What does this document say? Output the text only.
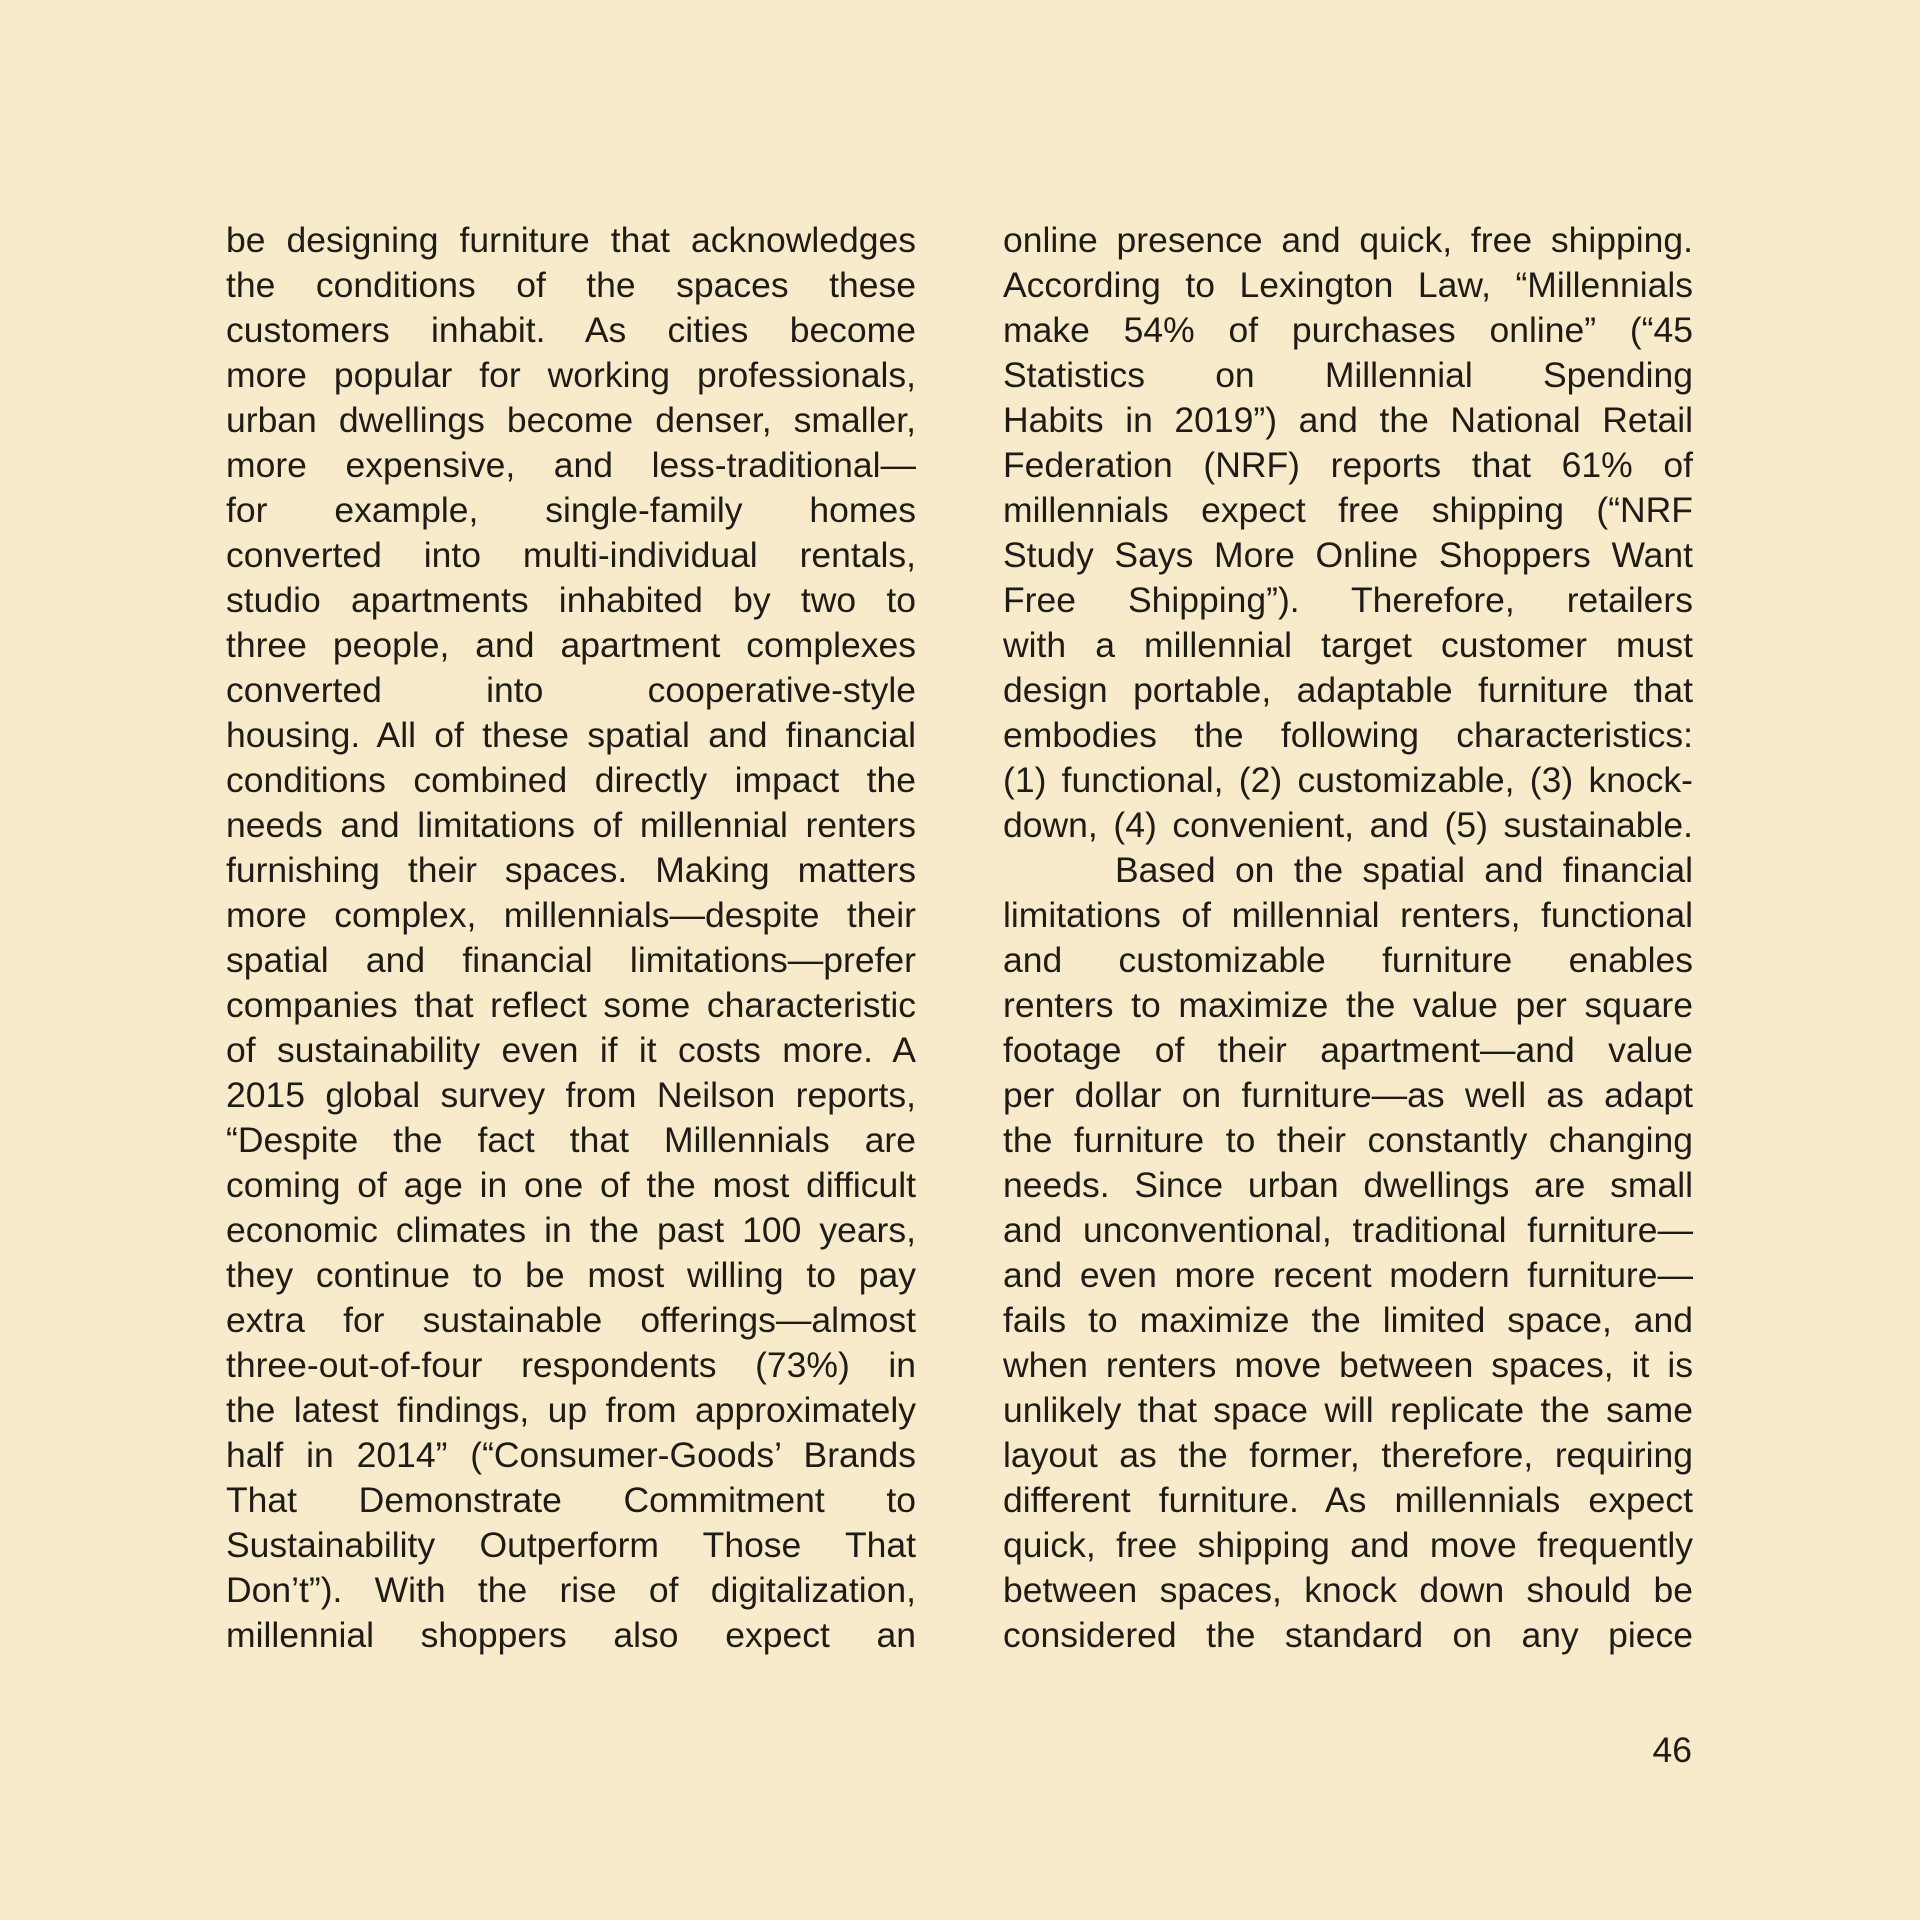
be designing furniture that acknowledges
the conditions of the spaces these
customers inhabit. As cities become
more popular for working professionals,
urban dwellings become denser, smaller,
more expensive, and less-traditional—
for example, single-family homes
converted into multi-individual rentals,
studio apartments inhabited by two to
three people, and apartment complexes
converted into cooperative-style
housing. All of these spatial and financial
conditions combined directly impact the
needs and limitations of millennial renters
furnishing their spaces. Making matters
more complex, millennials—despite their
spatial and financial limitations—prefer
companies that reflect some characteristic
of sustainability even if it costs more. A
2015 global survey from Neilson reports,
“Despite the fact that Millennials are
coming of age in one of the most difficult
economic climates in the past 100 years,
they continue to be most willing to pay
extra for sustainable offerings—almost
three-out-of-four respondents (73%) in
the latest findings, up from approximately
half in 2014” (“Consumer-Goods’ Brands
That Demonstrate Commitment to
Sustainability Outperform Those That
Don’t”). With the rise of digitalization,
millennial shoppers also expect an
online presence and quick, free shipping.
According to Lexington Law, “Millennials
make 54% of purchases online” (“45
Statistics on Millennial Spending
Habits in 2019”) and the National Retail
Federation (NRF) reports that 61% of
millennials expect free shipping (“NRF
Study Says More Online Shoppers Want
Free Shipping”). Therefore, retailers
with a millennial target customer must
design portable, adaptable furniture that
embodies the following characteristics:
(1) functional, (2) customizable, (3) knock-
down, (4) convenient, and (5) sustainable.
Based on the spatial and financial
limitations of millennial renters, functional
and customizable furniture enables
renters to maximize the value per square
footage of their apartment—and value
per dollar on furniture—as well as adapt
the furniture to their constantly changing
needs. Since urban dwellings are small
and unconventional, traditional furniture—
and even more recent modern furniture—
fails to maximize the limited space, and
when renters move between spaces, it is
unlikely that space will replicate the same
layout as the former, therefore, requiring
different furniture. As millennials expect
quick, free shipping and move frequently
between spaces, knock down should be
considered the standard on any piece
46
